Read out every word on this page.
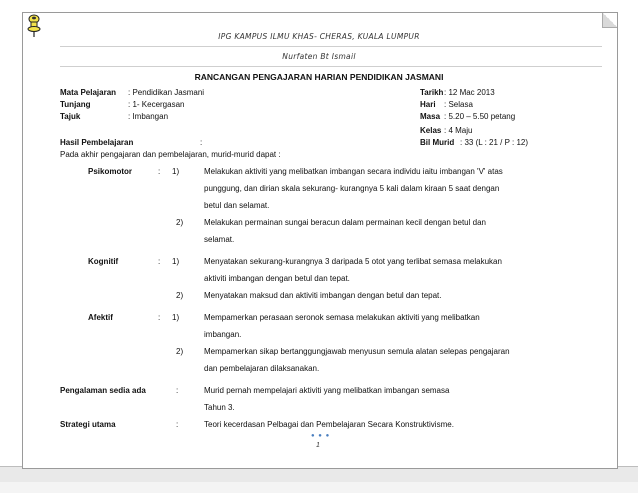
IPG KAMPUS ILMU KHAS- CHERAS, KUALA LUMPUR
Nurfaten Bt Ismail
RANCANGAN PENGAJARAN HARIAN PENDIDIKAN JASMANI
Mata Pelajaran : Pendidikan Jasmani
Tunjang	: 1- Kecergasan
Tajuk	: Imbangan
Tarikh : 12 Mac 2013
Hari : Selasa
Masa : 5.20 – 5.50 petang
Kelas : 4 Maju
Bil Murid : 33 (L : 21 / P : 12)
Hasil Pembelajaran	:
Pada akhir pengajaran dan pembelajaran, murid-murid dapat :
Psikomotor	: 1)	Melakukan aktiviti yang melibatkan imbangan secara individu iaitu imbangan 'V' atas
punggung, dan dirian skala sekurang- kurangnya 5 kali dalam kiraan 5 saat dengan
betul dan selamat.
2)	Melakukan permainan sungai beracun dalam permainan kecil dengan betul dan
selamat.
Kognitif	: 1)	Menyatakan sekurang-kurangnya 3 daripada 5 otot yang terlibat semasa melakukan
aktiviti imbangan dengan betul dan tepat.
2)	Menyatakan maksud dan aktiviti imbangan dengan betul dan tepat.
Afektif	: 1)	Mempamerkan perasaan seronok semasa melakukan aktiviti yang melibatkan
imbangan.
2)	Mempamerkan sikap bertanggungjawab menyusun semula alatan selepas pengajaran
dan pembelajaran dilaksanakan.
Pengalaman sedia ada	:	Murid pernah mempelajari aktiviti yang melibatkan imbangan semasa
Tahun 3.
Strategi utama	:	Teori kecerdasan Pelbagai dan Pembelajaran Secara Konstruktivisme.
● ● ●
1
